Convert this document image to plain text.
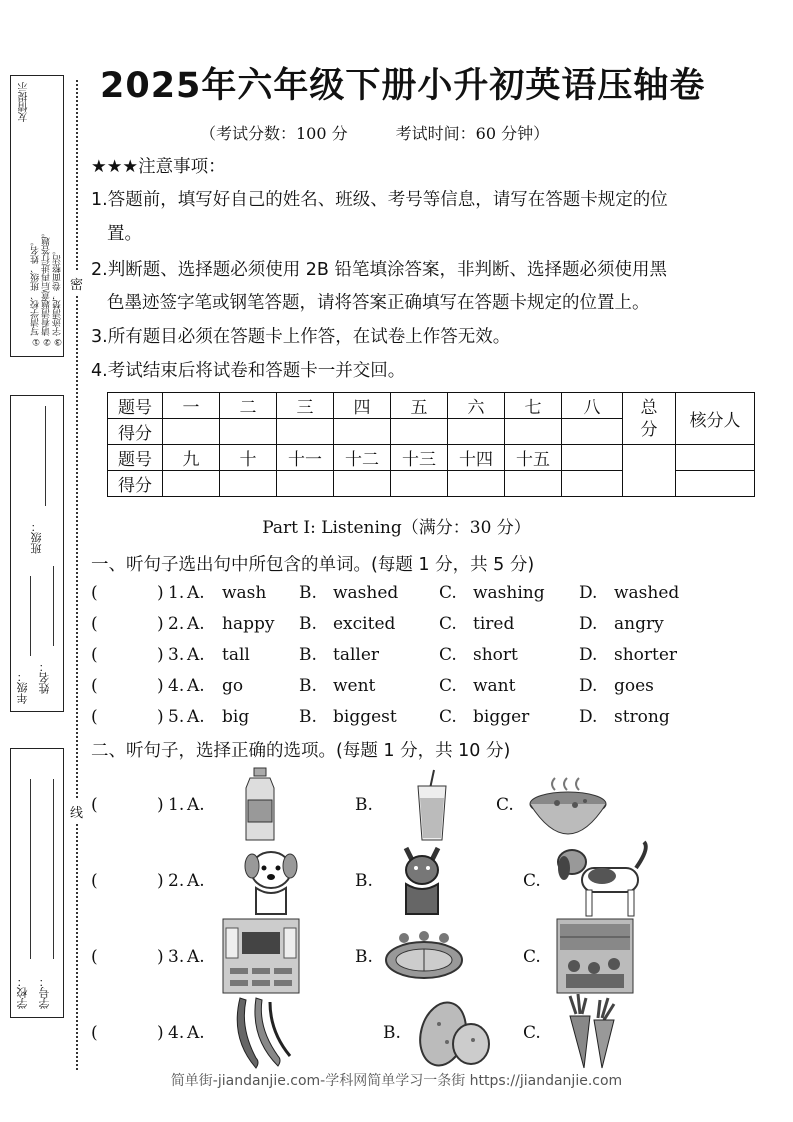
友情提示
①写清学校、班级、姓名。 ②请看清题意后再进行答题。 ③字迹清楚，卷面整洁。
班级：
年级： 姓名：
学校： 学号：
密
线
2025年六年级下册小升初英语压轴卷
（考试分数：100 分	考试时间：60 分钟）
★★★注意事项：
1.答题前，填写好自己的姓名、班级、考号等信息，请写在答题卡规定的位
置。
2.判断题、选择题必须使用 2B 铅笔填涂答案，非判断、选择题必须使用黑
色墨迹签字笔或钢笔答题，请将答案正确填写在答题卡规定的位置上。
3.所有题目必须在答题卡上作答，在试卷上作答无效。
4.考试结束后将试卷和答题卡一并交回。
题号	一	二	三	四	五	六	七	八	总分	核分人
得分										
题号	九	十	十一	十二	十三	十四	十五			
得分										
Part Ⅰ: Listening（满分：30 分）
一、听句子选出句中所包含的单词。(每题 1 分，共 5 分)
(	) 1. A. wash B. washed C. washing D. washed
(	) 2. A. happy B. excited	C. tired	D. angry
(	) 3. A. tall	B. taller	C. short	D. shorter
(	) 4. A. go	B. went	C. want	D. goes
(	) 5. A. big	B. biggest C. bigger	D. strong
二、听句子，选择正确的选项。(每题 1 分，共 10 分)
(	) 1. A.	B.	C.
(	) 2. A.	B.	C.
(	) 3. A.	B.	C.
(	) 4. A.	B.	C.
简单街-jiandanjie.com-学科网简单学习一条街 https://jiandanjie.com
